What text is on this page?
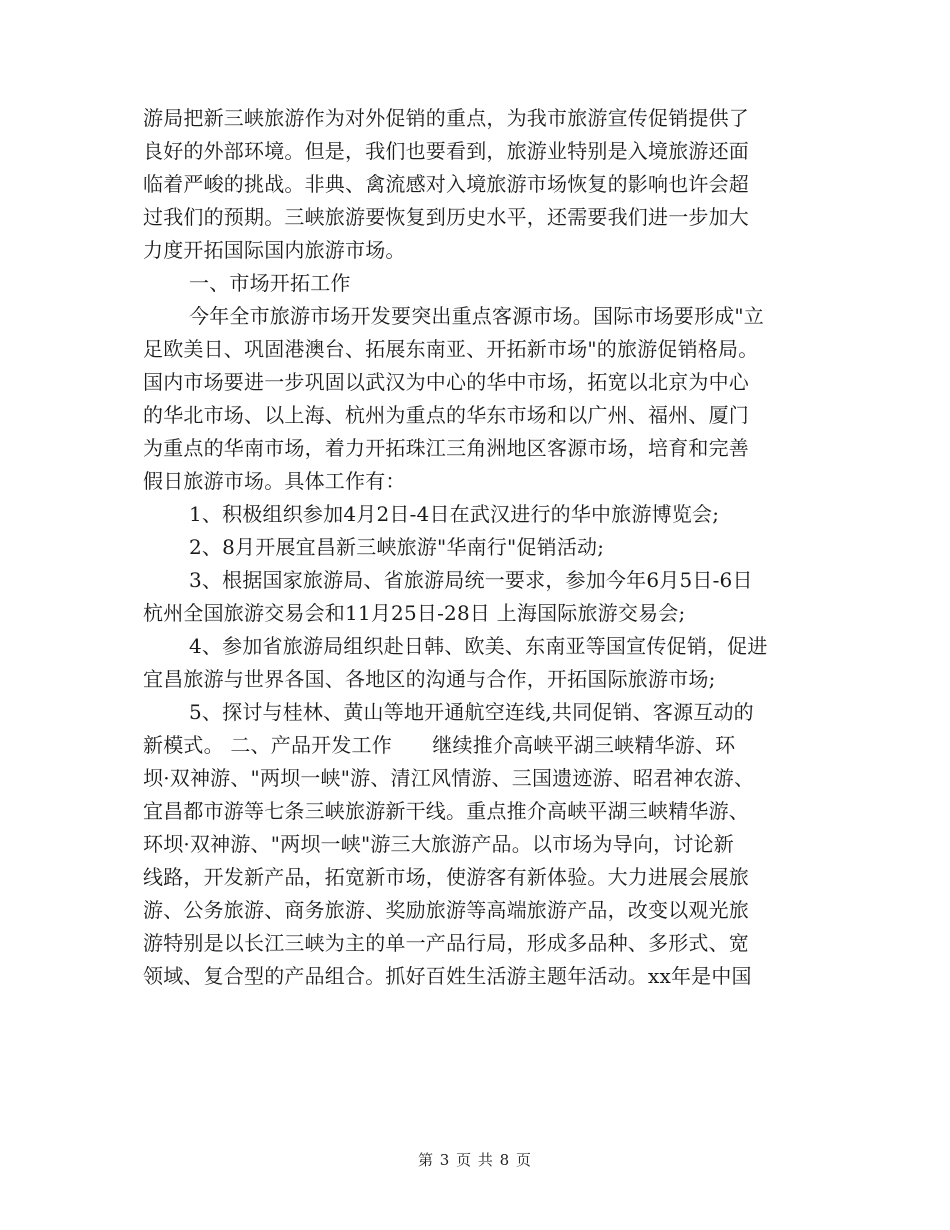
游局把新三峡旅游作为对外促销的重点，为我市旅游宣传促销提供了
良好的外部环境。但是，我们也要看到，旅游业特别是入境旅游还面
临着严峻的挑战。非典、禽流感对入境旅游市场恢复的影响也许会超
过我们的预期。三峡旅游要恢复到历史水平，还需要我们进一步加大
力度开拓国际国内旅游市场。
一、市场开拓工作
今年全市旅游市场开发要突出重点客源市场。国际市场要形成"立
足欧美日、巩固港澳台、拓展东南亚、开拓新市场"的旅游促销格局。
国内市场要进一步巩固以武汉为中心的华中市场，拓宽以北京为中心
的华北市场、以上海、杭州为重点的华东市场和以广州、福州、厦门
为重点的华南市场，着力开拓珠江三角洲地区客源市场，培育和完善
假日旅游市场。具体工作有：
1、积极组织参加4月2日-4日在武汉进行的华中旅游博览会;
2、8月开展宜昌新三峡旅游"华南行"促销活动;
3、根据国家旅游局、省旅游局统一要求，参加今年6月5日-6日
杭州全国旅游交易会和11月25日-28日 上海国际旅游交易会;
4、参加省旅游局组织赴日韩、欧美、东南亚等国宣传促销，促进
宜昌旅游与世界各国、各地区的沟通与合作，开拓国际旅游市场;
5、探讨与桂林、黄山等地开通航空连线,共同促销、客源互动的
新模式。 二、产品开发工作　　继续推介高峡平湖三峡精华游、环
坝·双神游、"两坝一峡"游、清江风情游、三国遗迹游、昭君神农游、
宜昌都市游等七条三峡旅游新干线。重点推介高峡平湖三峡精华游、
环坝·双神游、"两坝一峡"游三大旅游产品。以市场为导向，讨论新
线路，开发新产品，拓宽新市场，使游客有新体验。大力进展会展旅
游、公务旅游、商务旅游、奖励旅游等高端旅游产品，改变以观光旅
游特别是以长江三峡为主的单一产品行局，形成多品种、多形式、宽
领域、复合型的产品组合。抓好百姓生活游主题年活动。xx年是中国
第 3 页 共 8 页
